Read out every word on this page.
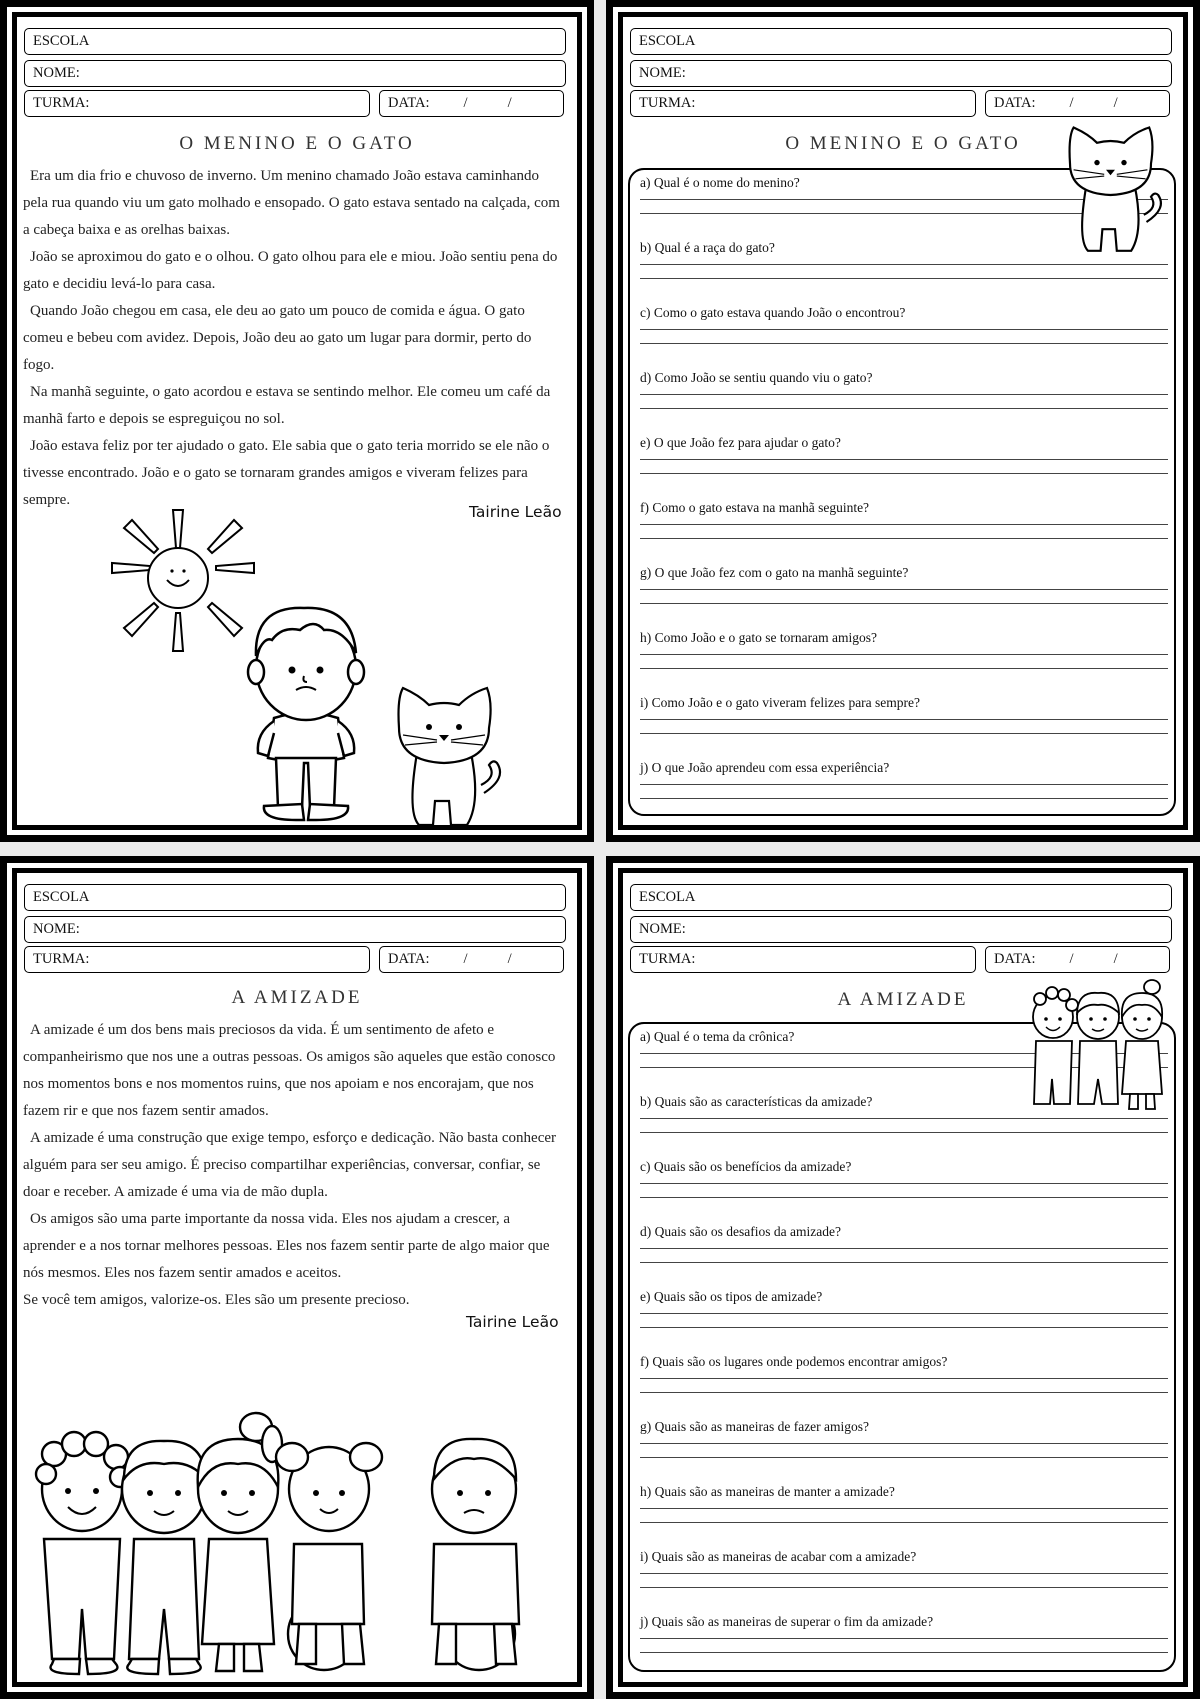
ESCOLA
NOME:
TURMA:	DATA: /	/
O MENINO E O GATO

Era um dia frio e chuvoso de inverno. Um menino chamado João estava caminhando pela rua quando viu um gato molhado e ensopado. O gato estava sentado na calçada, com a cabeça baixa e as orelhas baixas.

João se aproximou do gato e o olhou. O gato olhou para ele e miou. João sentiu pena do gato e decidiu levá-lo para casa.

Quando João chegou em casa, ele deu ao gato um pouco de comida e água. O gato comeu e bebeu com avidez. Depois, João deu ao gato um lugar para dormir, perto do fogo.

Na manhã seguinte, o gato acordou e estava se sentindo melhor. Ele comeu um café da manhã farto e depois se espreguiçou no sol.

João estava feliz por ter ajudado o gato. Ele sabia que o gato teria morrido se ele não o tivesse encontrado. João e o gato se tornaram grandes amigos e viveram felizes para sempre.

Tairine Leão
ESCOLA
NOME:
TURMA:	DATA: /	/
O MENINO E O GATO
a) Qual é o nome do menino?
b) Qual é a raça do gato?
c) Como o gato estava quando João o encontrou?
d) Como João se sentiu quando viu o gato?
e) O que João fez para ajudar o gato?
f) Como o gato estava na manhã seguinte?
g) O que João fez com o gato na manhã seguinte?
h) Como João e o gato se tornaram amigos?
i) Como João e o gato viveram felizes para sempre?
j) O que João aprendeu com essa experiência?
ESCOLA
NOME:
TURMA:	DATA: /	/
A AMIZADE

A amizade é um dos bens mais preciosos da vida. É um sentimento de afeto e companheirismo que nos une a outras pessoas. Os amigos são aqueles que estão conosco nos momentos bons e nos momentos ruins, que nos apoiam e nos encorajam, que nos fazem rir e que nos fazem sentir amados.

A amizade é uma construção que exige tempo, esforço e dedicação. Não basta conhecer alguém para ser seu amigo. É preciso compartilhar experiências, conversar, confiar, se doar e receber. A amizade é uma via de mão dupla.

Os amigos são uma parte importante da nossa vida. Eles nos ajudam a crescer, a aprender e a nos tornar melhores pessoas. Eles nos fazem sentir parte de algo maior que nós mesmos. Eles nos fazem sentir amados e aceitos.

Se você tem amigos, valorize-os. Eles são um presente precioso.

Tairine Leão
ESCOLA
NOME:
TURMA:	DATA: /	/
A AMIZADE
a) Qual é o tema da crônica?
b) Quais são as características da amizade?
c) Quais são os benefícios da amizade?
d) Quais são os desafios da amizade?
e) Quais são os tipos de amizade?
f) Quais são os lugares onde podemos encontrar amigos?
g) Quais são as maneiras de fazer amigos?
h) Quais são as maneiras de manter a amizade?
i) Quais são as maneiras de acabar com a amizade?
j) Quais são as maneiras de superar o fim da amizade?
